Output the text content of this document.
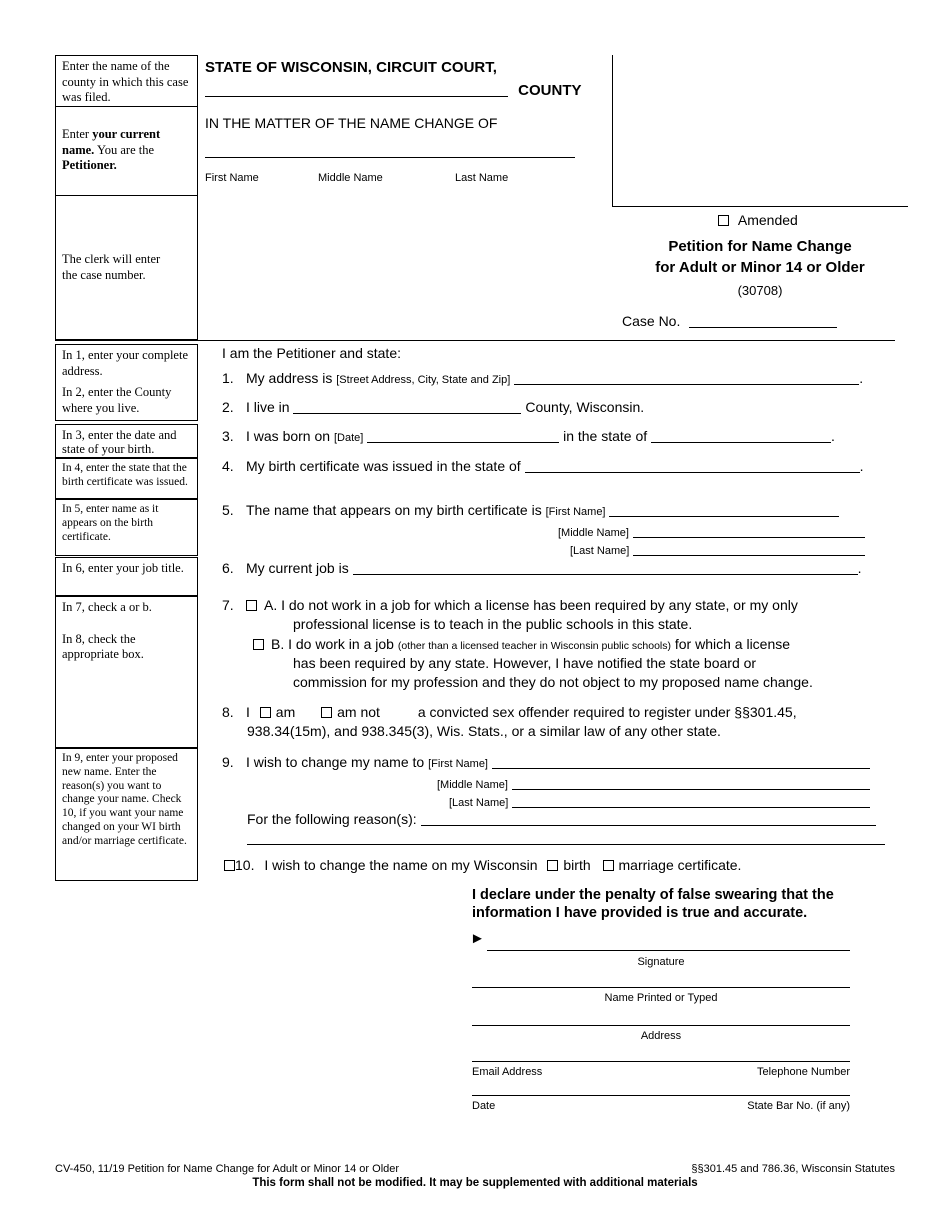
Enter the name of the county in which this case was filed.
Enter your current name. You are the Petitioner.
The clerk will enter the case number.

In 1, enter your complete address.

In 2, enter the County where you live.

In 3, enter the date and state of your birth.
In 4, enter the state that the birth certificate was issued.
In 5, enter name as it appears on the birth certificate.
In 6, enter your job title.

In 7, check a or b.

In 8, check the appropriate box.

In 9, enter your proposed new name. Enter the reason(s) you want to change your name. Check 10, if you want your name changed on your WI birth and/or marriage certificate.
STATE OF WISCONSIN, CIRCUIT COURT,
COUNTY
IN THE MATTER OF THE NAME CHANGE OF
First Name	Middle Name	Last Name
Amended
Petition for Name Change
for Adult or Minor 14 or Older
(30708)
Case No.
I am the Petitioner and state:
1. My address is [Street Address, City, State and Zip]	.
2. I live in	County, Wisconsin.
3. I was born on [Date]	in the state of	.
4. My birth certificate was issued in the state of	.
5. The name that appears on my birth certificate is [First Name]
[Middle Name]
[Last Name]
6. My current job is	.
7. A. I do not work in a job for which a license has been required by any state, or my only
professional license is to teach in the public schools in this state.
B. I do work in a job (other than a licensed teacher in Wisconsin public schools) for which a license
has been required by any state. However, I have notified the state board or
commission for my profession and they do not object to my proposed name change.
8. I am	am not	a convicted sex offender required to register under §§301.45,
938.34(15m), and 938.345(3), Wis. Stats., or a similar law of any other state.
9. I wish to change my name to [First Name]
[Middle Name]
[Last Name]
For the following reason(s):
10. I wish to change the name on my Wisconsin birth marriage certificate.
I declare under the penalty of false swearing that the
information I have provided is true and accurate.
►
Signature
Name Printed or Typed
Address
Email Address	Telephone Number
Date	State Bar No. (if any)
CV-450, 11/19 Petition for Name Change for Adult or Minor 14 or Older	§§301.45 and 786.36, Wisconsin Statutes
This form shall not be modified. It may be supplemented with additional materials
